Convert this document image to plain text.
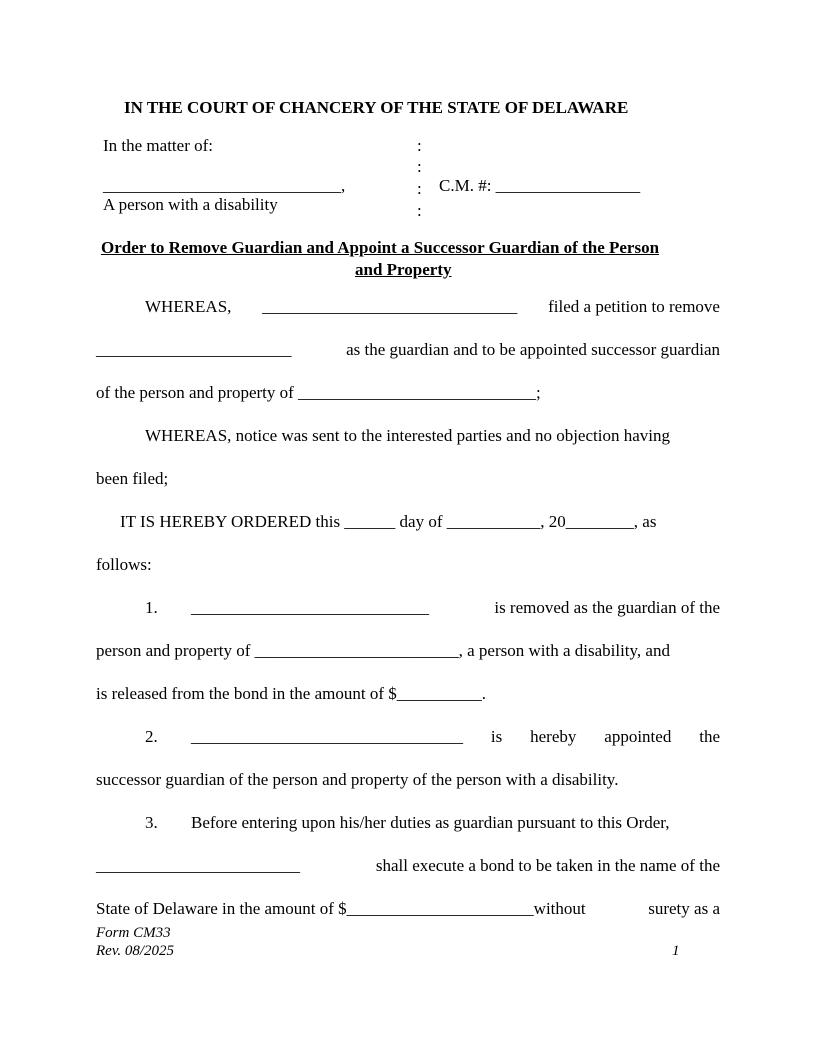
IN THE COURT OF CHANCERY OF THE STATE OF DELAWARE
In the matter of:	:
:
:
:
____________________________,
A person with a disability
C.M. #: _________________
Order to Remove Guardian and Appoint a Successor Guardian of the Person
and Property
WHEREAS, ______________________________ filed a petition to remove
_______________________	as the guardian and to be appointed successor guardian
of the person and property of ____________________________;
WHEREAS, notice was sent to the interested parties and no objection having
been filed;
IT IS HEREBY ORDERED this ______ day of ___________, 20________, as
follows:
1. ____________________________	is removed as the guardian of the
person and property of ________________________, a person with a disability, and
is released from the bond in the amount of $__________.
2. ________________________________ is hereby appointed the
successor guardian of the person and property of the person with a disability.
3. Before entering upon his/her duties as guardian pursuant to this Order,
________________________	shall execute a bond to be taken in the name of the
State of Delaware in the amount of $______________________without	surety as a
Form CM33
Rev. 08/2025	1
